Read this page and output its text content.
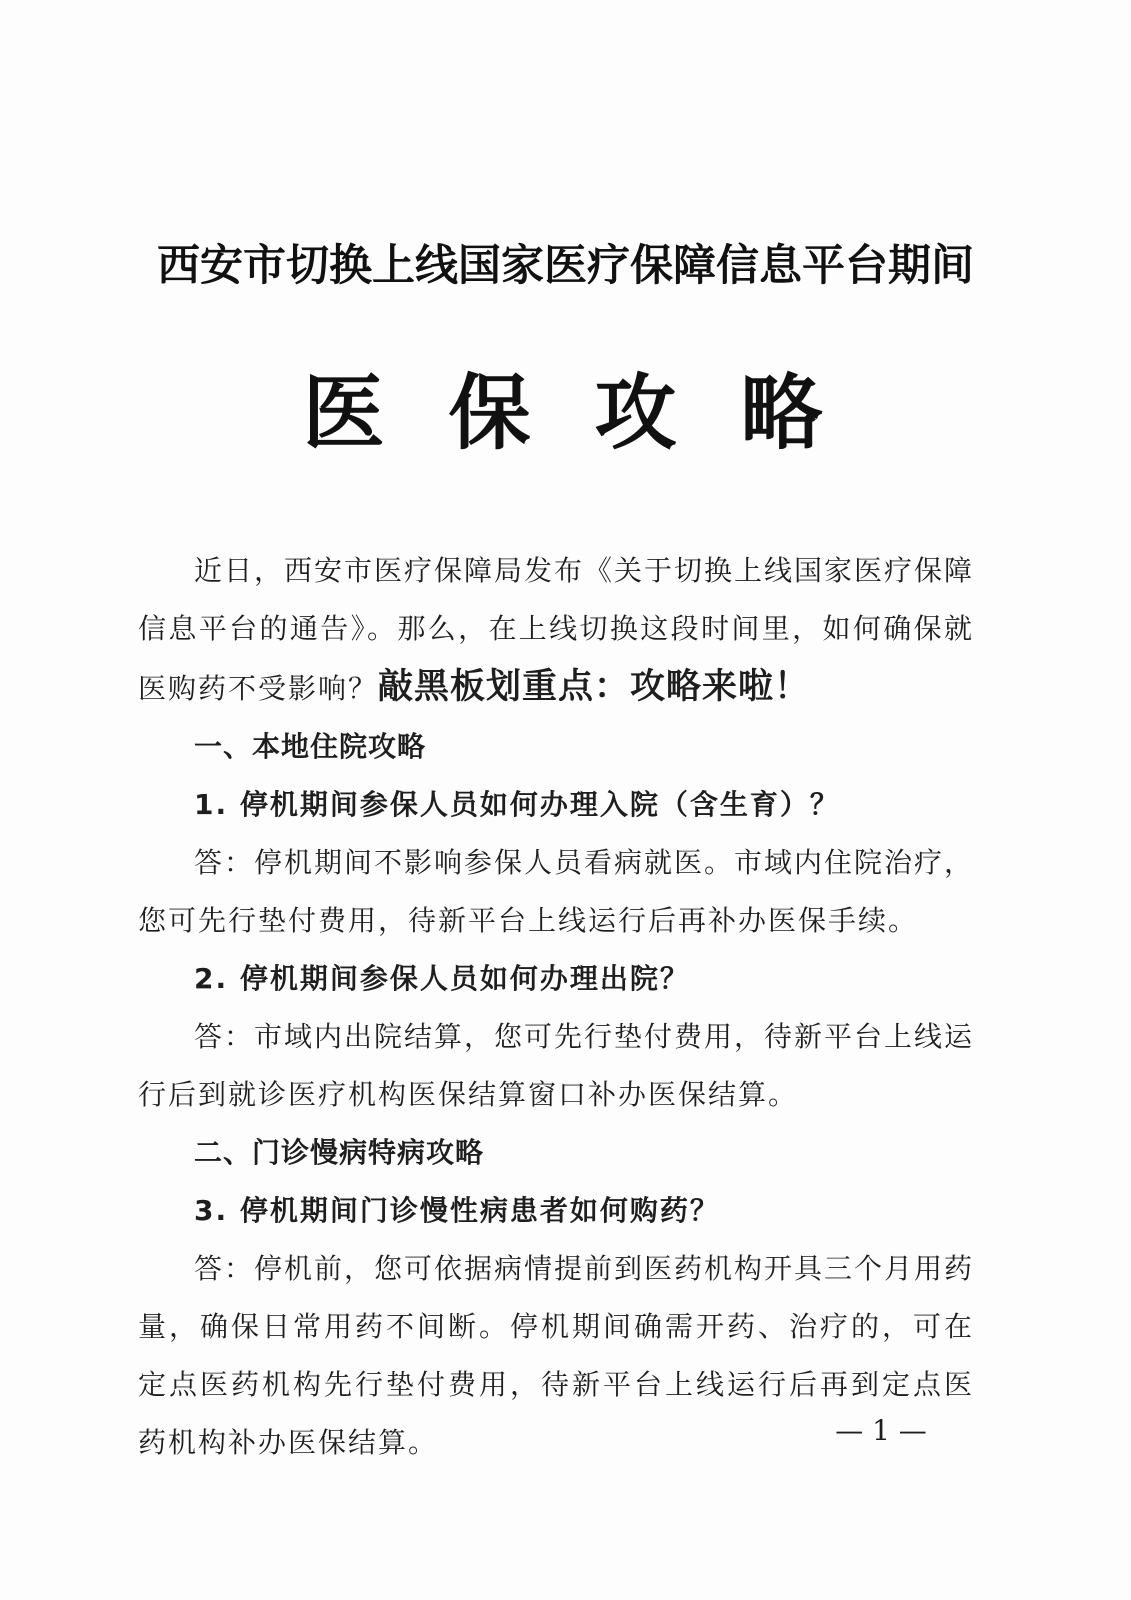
西安市切换上线国家医疗保障信息平台期间
医保攻略

近日，西安市医疗保障局发布《关于切换上线国家医疗保障信息平台的通告》。那么，在上线切换这段时间里，如何确保就医购药不受影响？敲黑板划重点：攻略来啦！

一、本地住院攻略

1. 停机期间参保人员如何办理入院（含生育）？

答：停机期间不影响参保人员看病就医。市域内住院治疗，您可先行垫付费用，待新平台上线运行后再补办医保手续。

2. 停机期间参保人员如何办理出院？

答：市域内出院结算，您可先行垫付费用，待新平台上线运行后到就诊医疗机构医保结算窗口补办医保结算。

二、门诊慢病特病攻略

3. 停机期间门诊慢性病患者如何购药？

答：停机前，您可依据病情提前到医药机构开具三个月用药量，确保日常用药不间断。停机期间确需开药、治疗的，可在定点医药机构先行垫付费用，待新平台上线运行后再到定点医药机构补办医保结算。	— 1 —
